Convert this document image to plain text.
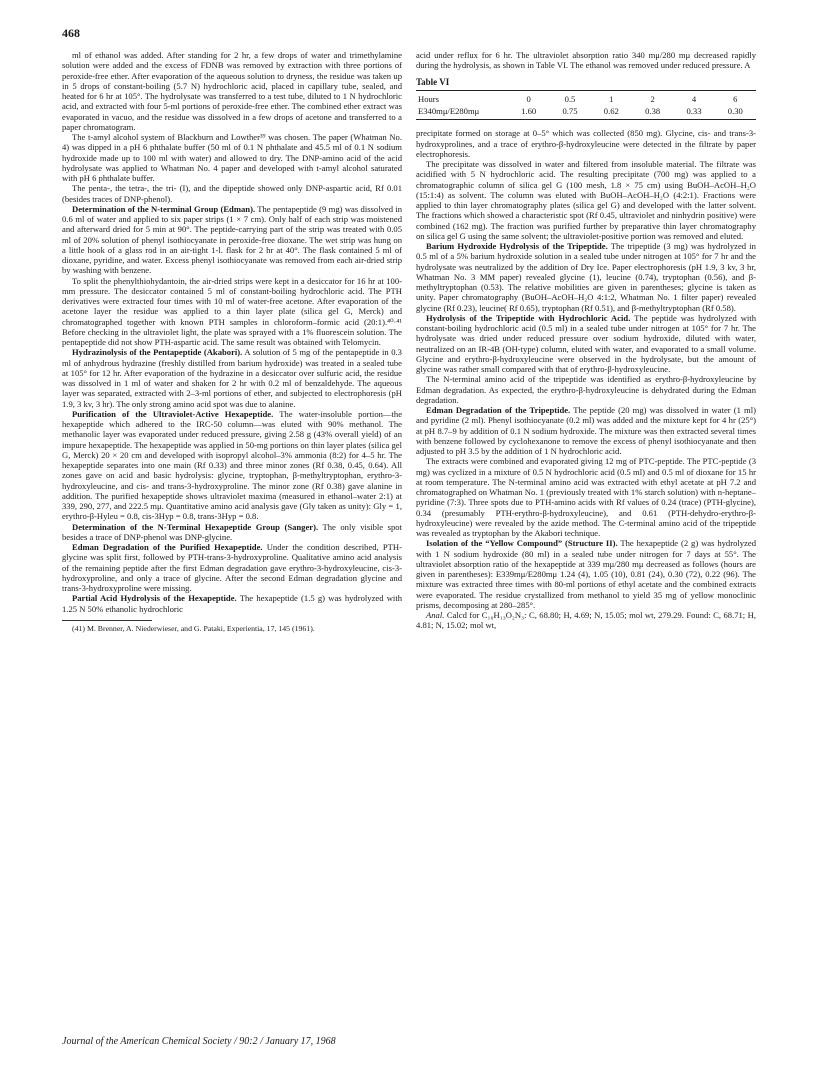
468

ml of ethanol was added. After standing for 2 hr, a few drops of water and trimethylamine solution were added and the excess of FDNB was removed by extraction with three portions of peroxide-free ether. After evaporation of the aqueous solution to dryness, the residue was taken up in 5 drops of constant-boiling (5.7 N) hydrochloric acid, placed in capillary tube, sealed, and heated for 6 hr at 105°. The hydrolysate was transferred to a test tube, diluted to 1 N hydrochloric acid, and extracted with four 5-ml portions of peroxide-free ether. The combined ether extract was evaporated in vacuo, and the residue was dissolved in a few drops of acetone and transferred to a paper chromatogram.

The t-amyl alcohol system of Blackburn and Lowther³⁹ was chosen. The paper (Whatman No. 4) was dipped in a pH 6 phthalate buffer (50 ml of 0.1 N phthalate and 45.5 ml of 0.1 N sodium hydroxide made up to 100 ml with water) and allowed to dry. The DNP-amino acid of the acid hydrolysate was applied to Whatman No. 4 paper and developed with t-amyl alcohol saturated with pH 6 phthalate buffer.

The penta-, the tetra-, the tri- (I), and the dipeptide showed only DNP-aspartic acid, Rf 0.01 (besides traces of DNP-phenol).

Determination of the N-terminal Group (Edman). The pentapeptide (9 mg) was dissolved in 0.6 ml of water and applied to six paper strips (1 × 7 cm). Only half of each strip was moistened and afterward dried for 5 min at 90°. The peptide-carrying part of the strip was treated with 0.05 ml of 20% solution of phenyl isothiocyanate in peroxide-free dioxane. The wet strip was hung on a little hook of a glass rod in an air-tight 1-l. flask for 2 hr at 40°. The flask contained 5 ml of dioxane, pyridine, and water. Excess phenyl isothiocyanate was removed from each air-dried strip by washing with benzene.

To split the phenylthiohydantoin, the air-dried strips were kept in a desiccator for 16 hr at 100-mm pressure. The desiccator contained 5 ml of constant-boiling hydrochloric acid. The PTH derivatives were extracted four times with 10 ml of water-free acetone. After evaporation of the acetone layer the residue was applied to a thin layer plate (silica gel G, Merck) and chromatographed together with known PTH samples in chloroform–formic acid (20:1).⁴⁰·⁴¹ Before checking in the ultraviolet light, the plate was sprayed with a 1% fluorescein solution. The pentapeptide did not show PTH-aspartic acid. The same result was obtained with Telomycin.

Hydrazinolysis of the Pentapeptide (Akabori). A solution of 5 mg of the pentapeptide in 0.3 ml of anhydrous hydrazine (freshly distilled from barium hydroxide) was treated in a sealed tube at 105° for 12 hr. After evaporation of the hydrazine in a desiccator over sulfuric acid, the residue was dissolved in 1 ml of water and shaken for 2 hr with 0.2 ml of benzaldehyde. The aqueous layer was separated, extracted with 2–3-ml portions of ether, and subjected to electrophoresis (pH 1.9, 3 kv, 3 hr). The only strong amino acid spot was due to alanine.

Purification of the Ultraviolet-Active Hexapeptide. The water-insoluble portion—the hexapeptide which adhered to the IRC-50 column—was eluted with 90% methanol. The methanolic layer was evaporated under reduced pressure, giving 2.58 g (43% overall yield) of an impure hexapeptide. The hexapeptide was applied in 50-mg portions on thin layer plates (silica gel G, Merck) 20 × 20 cm and developed with isopropyl alcohol–3% ammonia (8:2) for 4–5 hr. The hexapeptide separates into one main (Rf 0.33) and three minor zones (Rf 0.38, 0.45, 0.64). All zones gave on acid and basic hydrolysis: glycine, tryptophan, β-methyltryptophan, erythro-3-hydroxyleucine, and cis- and trans-3-hydroxyproline. The minor zone (Rf 0.38) gave alanine in addition. The purified hexapeptide shows ultraviolet maxima (measured in ethanol–water 2:1) at 339, 290, 277, and 222.5 mμ. Quantitative amino acid analysis gave (Gly taken as unity): Gly = 1, erythro-β-Hyleu = 0.8, cis-3Hyp = 0.8, trans-3Hyp = 0.8.

Determination of the N-Terminal Hexapeptide Group (Sanger). The only visible spot besides a trace of DNP-phenol was DNP-glycine.

Edman Degradation of the Purified Hexapeptide. Under the condition described, PTH-glycine was split first, followed by PTH-trans-3-hydroxyproline. Qualitative amino acid analysis of the remaining peptide after the first Edman degradation gave erythro-3-hydroxyleucine, cis-3-hydroxyproline, and only a trace of glycine. After the second Edman degradation glycine and trans-3-hydroxyproline were missing.

Partial Acid Hydrolysis of the Hexapeptide. The hexapeptide (1.5 g) was hydrolyzed with 1.25 N 50% ethanolic hydrochloric

(41) M. Brenner, A. Niederwieser, and G. Pataki, Experientia, 17, 145 (1961).

acid under reflux for 6 hr. The ultraviolet absorption ratio 340 mμ/280 mμ decreased rapidly during the hydrolysis, as shown in Table VI. The ethanol was removed under reduced pressure. A

Table VI
Hours	0	0.5	1	2	4	6
E340mμ/E280mμ	1.60	0.75	0.62	0.38	0.33	0.30

precipitate formed on storage at 0–5° which was collected (850 mg). Glycine, cis- and trans-3-hydroxyprolines, and a trace of erythro-β-hydroxyleucine were detected in the filtrate by paper electrophoresis.

The precipitate was dissolved in water and filtered from insoluble material. The filtrate was acidified with 5 N hydrochloric acid. The resulting precipitate (700 mg) was applied to a chromatographic column of silica gel G (100 mesh, 1.8 × 75 cm) using BuOH–AcOH–H₂O (15:1:4) as solvent. The column was eluted with BuOH–AcOH–H₂O (4:2:1). Fractions were applied to thin layer chromatography plates (silica gel G) and developed with the latter solvent. The fractions which showed a characteristic spot (Rf 0.45, ultraviolet and ninhydrin positive) were combined (162 mg). The fraction was purified further by preparative thin layer chromatography on silica gel G using the same solvent; the ultraviolet-positive portion was removed and eluted.

Barium Hydroxide Hydrolysis of the Tripeptide. The tripeptide (3 mg) was hydrolyzed in 0.5 ml of a 5% barium hydroxide solution in a sealed tube under nitrogen at 105° for 7 hr and the hydrolysate was neutralized by the addition of Dry Ice. Paper electrophoresis (pH 1.9, 3 kv, 3 hr, Whatman No. 3 MM paper) revealed glycine (1), leucine (0.74), tryptophan (0.56), and β-methyltryptophan (0.53). The relative mobilities are given in parentheses; glycine is taken as unity. Paper chromatography (BuOH–AcOH–H₂O 4:1:2, Whatman No. 1 filter paper) revealed glycine (Rf 0.23), leucine( Rf 0.65), tryptophan (Rf 0.51), and β-methyltryptophan (Rf 0.58).

Hydrolysis of the Tripeptide with Hydrochloric Acid. The peptide was hydrolyzed with constant-boiling hydrochloric acid (0.5 ml) in a sealed tube under nitrogen at 105° for 7 hr. The hydrolysate was dried under reduced pressure over sodium hydroxide, diluted with water, neutralized on an IR-4B (OH-type) column, eluted with water, and evaporated to a small volume. Glycine and erythro-β-hydroxyleucine were observed in the hydrolysate, but the amount of glycine was rather small compared with that of erythro-β-hydroxyleucine.

The N-terminal amino acid of the tripeptide was identified as erythro-β-hydroxyleucine by Edman degradation. As expected, the erythro-β-hydroxyleucine is dehydrated during the Edman degradation.

Edman Degradation of the Tripeptide. The peptide (20 mg) was dissolved in water (1 ml) and pyridine (2 ml). Phenyl isothiocyanate (0.2 ml) was added and the mixture kept for 4 hr (25°) at pH 8.7–9 by addition of 0.1 N sodium hydroxide. The mixture was then extracted several times with benzene followed by cyclohexanone to remove the excess of phenyl isothiocyanate and then adjusted to pH 3.5 by the addition of 1 N hydrochloric acid.

The extracts were combined and evaporated giving 12 mg of PTC-peptide. The PTC-peptide (3 mg) was cyclized in a mixture of 0.5 N hydrochloric acid (0.5 ml) and 0.5 ml of dioxane for 15 hr at room temperature. The N-terminal amino acid was extracted with ethyl acetate at pH 7.2 and chromatographed on Whatman No. 1 (previously treated with 1% starch solution) with n-heptane–pyridine (7:3). Three spots due to PTH-amino acids with Rf values of 0.24 (trace) (PTH-glycine), 0.34 (presumably PTH-erythro-β-hydroxyleucine), and 0.61 (PTH-dehydro-erythro-β-hydroxyleucine) were revealed by the azide method. The C-terminal amino acid of the tripeptide was revealed as tryptophan by the Akabori technique.

Isolation of the “Yellow Compound” (Structure II). The hexapeptide (2 g) was hydrolyzed with 1 N sodium hydroxide (80 ml) in a sealed tube under nitrogen for 7 days at 55°. The ultraviolet absorption ratio of the hexapeptide at 339 mμ/280 mμ decreased as follows (hours are given in parentheses): E339mμ/E280mμ 1.24 (4), 1.05 (10), 0.81 (24), 0.30 (72), 0.22 (96). The mixture was extracted three times with 80-ml portions of ethyl acetate and the combined extracts were evaporated. The residue crystallized from methanol to yield 35 mg of yellow monoclinic prisms, decomposing at 280–285°.

Anal. Calcd for C₁₆H₁₃O₂N₃: C, 68.80; H, 4.69; N, 15.05; mol wt, 279.29. Found: C, 68.71; H, 4.81; N, 15.02; mol wt,

Journal of the American Chemical Society / 90:2 / January 17, 1968
